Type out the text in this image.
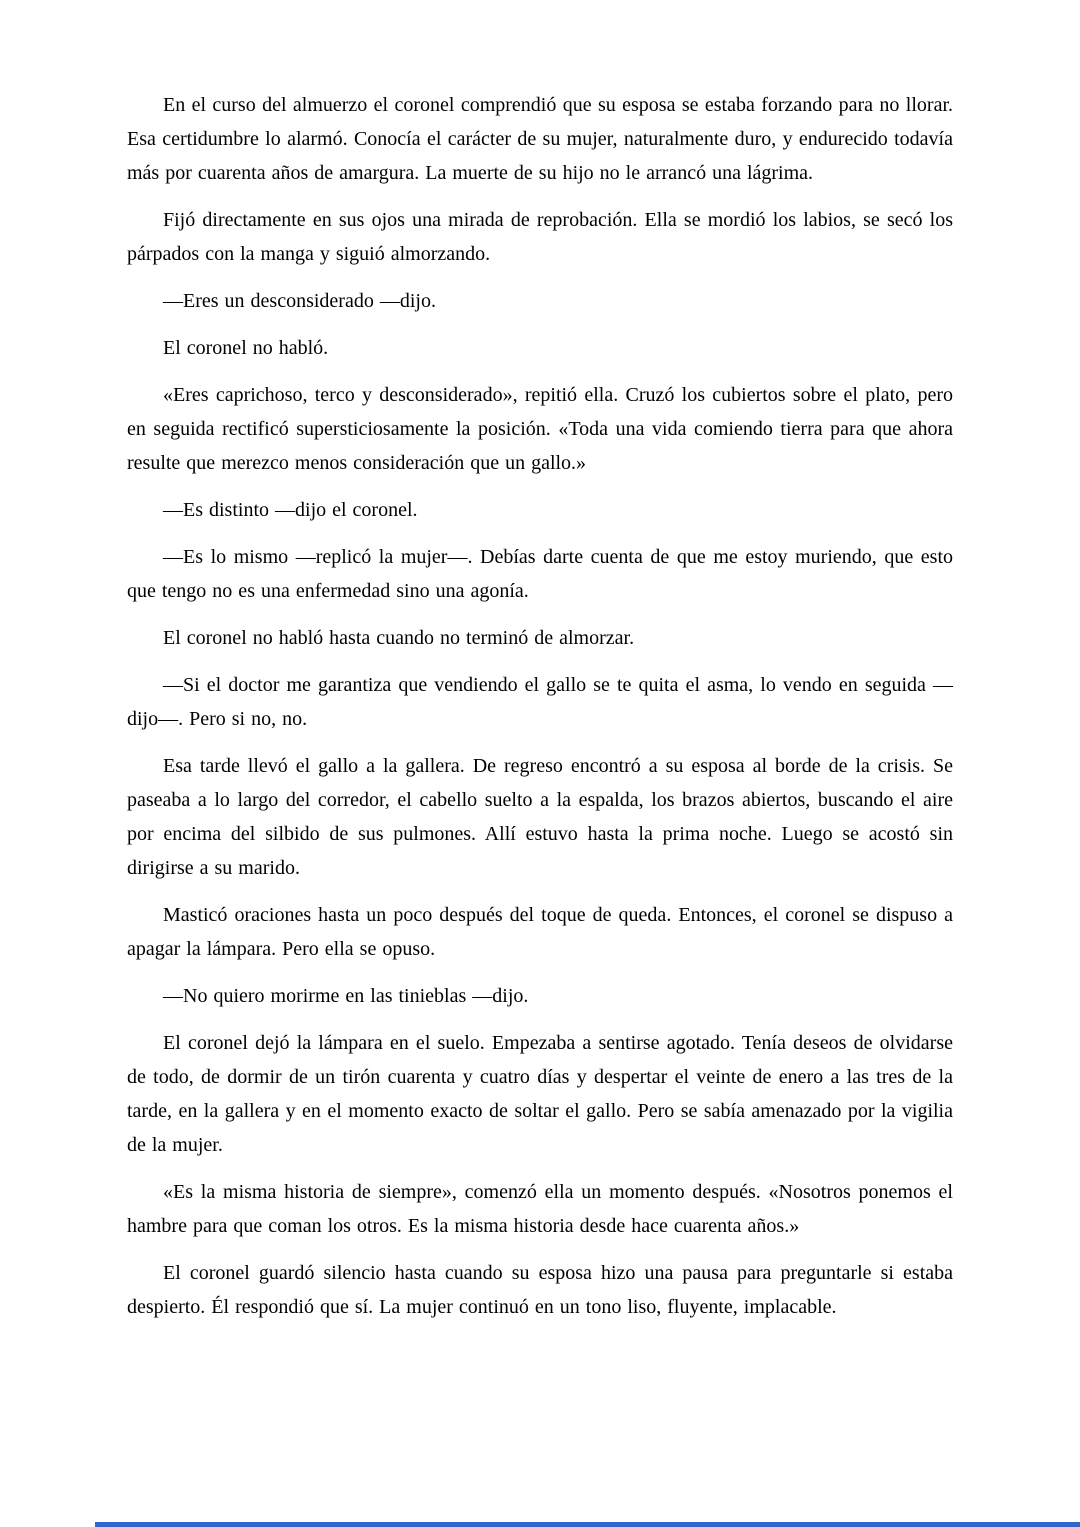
En el curso del almuerzo el coronel comprendió que su esposa se estaba forzando para no llorar. Esa certidumbre lo alarmó. Conocía el carácter de su mujer, naturalmente duro, y endurecido todavía más por cuarenta años de amargura. La muerte de su hijo no le arrancó una lágrima.

Fijó directamente en sus ojos una mirada de reprobación. Ella se mordió los labios, se secó los párpados con la manga y siguió almorzando.

—Eres un desconsiderado —dijo.

El coronel no habló.

«Eres caprichoso, terco y desconsiderado», repitió ella. Cruzó los cubiertos sobre el plato, pero en seguida rectificó supersticiosamente la posición. «Toda una vida comiendo tierra para que ahora resulte que merezco menos consideración que un gallo.»

—Es distinto —dijo el coronel.

—Es lo mismo —replicó la mujer—. Debías darte cuenta de que me estoy muriendo, que esto que tengo no es una enfermedad sino una agonía.

El coronel no habló hasta cuando no terminó de almorzar.

—Si el doctor me garantiza que vendiendo el gallo se te quita el asma, lo vendo en seguida —dijo—. Pero si no, no.

Esa tarde llevó el gallo a la gallera. De regreso encontró a su esposa al borde de la crisis. Se paseaba a lo largo del corredor, el cabello suelto a la espalda, los brazos abiertos, buscando el aire por encima del silbido de sus pulmones. Allí estuvo hasta la prima noche. Luego se acostó sin dirigirse a su marido.

Masticó oraciones hasta un poco después del toque de queda. Entonces, el coronel se dispuso a apagar la lámpara. Pero ella se opuso.

—No quiero morirme en las tinieblas —dijo.

El coronel dejó la lámpara en el suelo. Empezaba a sentirse agotado. Tenía deseos de olvidarse de todo, de dormir de un tirón cuarenta y cuatro días y despertar el veinte de enero a las tres de la tarde, en la gallera y en el momento exacto de soltar el gallo. Pero se sabía amenazado por la vigilia de la mujer.

«Es la misma historia de siempre», comenzó ella un momento después. «Nosotros ponemos el hambre para que coman los otros. Es la misma historia desde hace cuarenta años.»

El coronel guardó silencio hasta cuando su esposa hizo una pausa para preguntarle si estaba despierto. Él respondió que sí. La mujer continuó en un tono liso, fluyente, implacable.
